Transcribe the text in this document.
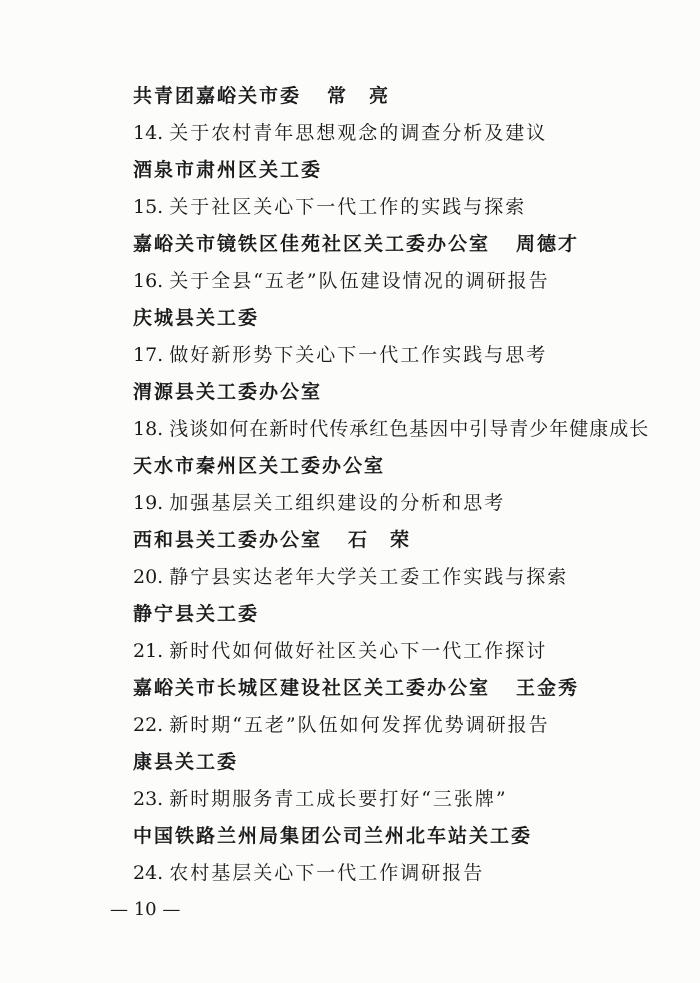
共青团嘉峪关市委 常　亮
14. 关于农村青年思想观念的调查分析及建议
酒泉市肃州区关工委
15. 关于社区关心下一代工作的实践与探索
嘉峪关市镜铁区佳苑社区关工委办公室 周德才
16. 关于全县“五老”队伍建设情况的调研报告
庆城县关工委
17. 做好新形势下关心下一代工作实践与思考
渭源县关工委办公室
18. 浅谈如何在新时代传承红色基因中引导青少年健康成长
天水市秦州区关工委办公室
19. 加强基层关工组织建设的分析和思考
西和县关工委办公室 石　荣
20. 静宁县实达老年大学关工委工作实践与探索
静宁县关工委
21. 新时代如何做好社区关心下一代工作探讨
嘉峪关市长城区建设社区关工委办公室 王金秀
22. 新时期“五老”队伍如何发挥优势调研报告
康县关工委
23. 新时期服务青工成长要打好“三张牌”
中国铁路兰州局集团公司兰州北车站关工委
24. 农村基层关心下一代工作调研报告
— 10 —
